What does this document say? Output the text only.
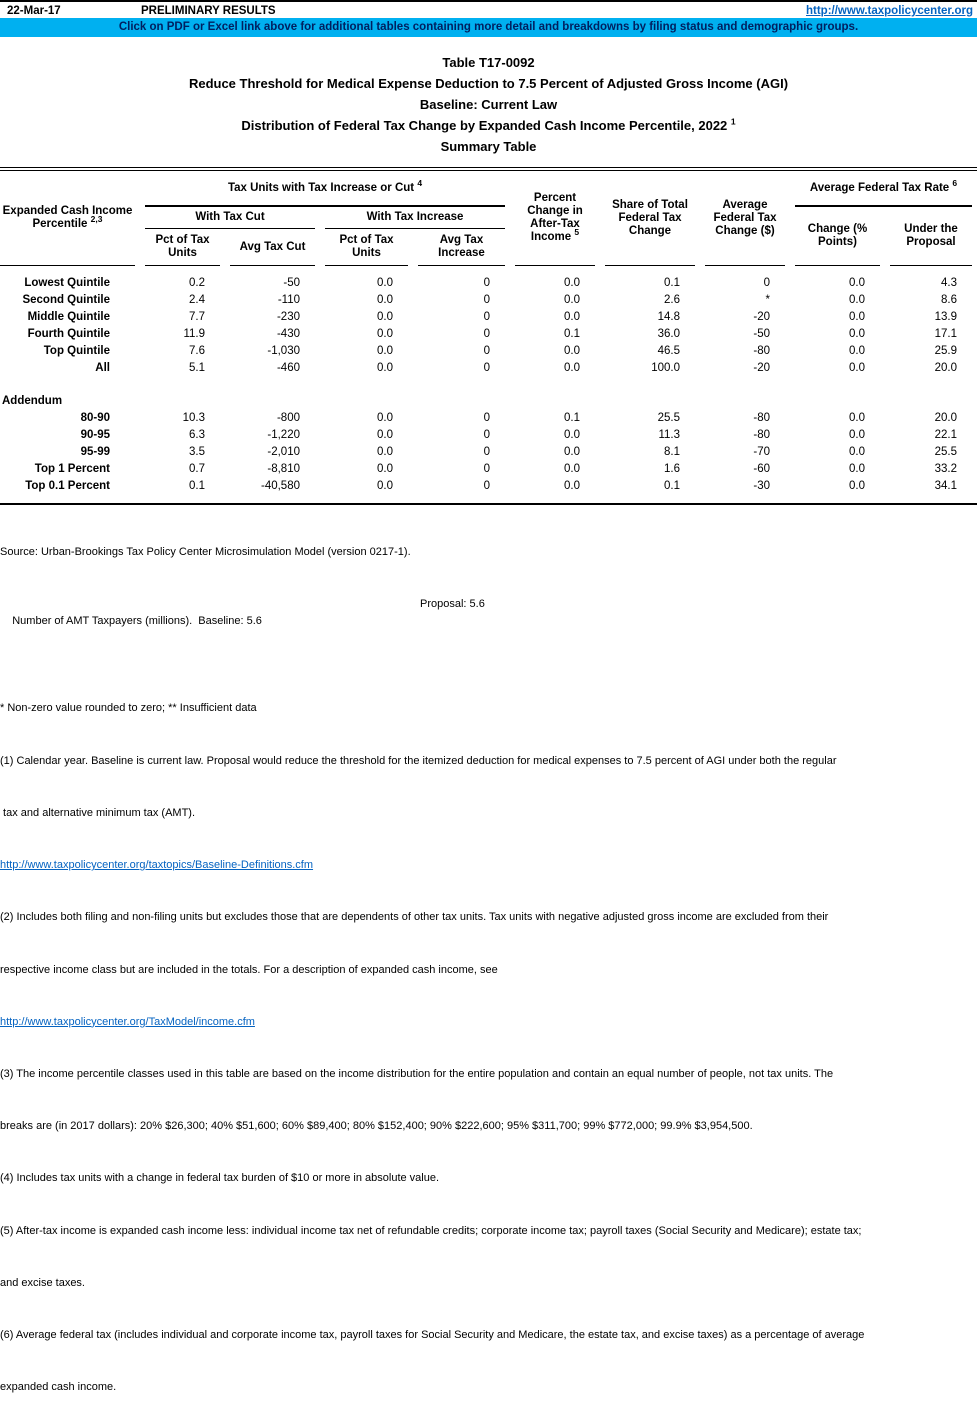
22-Mar-17	PRELIMINARY RESULTS	http://www.taxpolicycenter.org
Click on PDF or Excel link above for additional tables containing more detail and breakdowns by filing status and demographic groups.
Table T17-0092
Reduce Threshold for Medical Expense Deduction to 7.5 Percent of Adjusted Gross Income (AGI)
Baseline: Current Law
Distribution of Federal Tax Change by Expanded Cash Income Percentile, 2022 $^1$
Summary Table
Expanded Cash Income
Percentile $^{2,3}$
Tax Units with Tax Increase or Cut $^4$
Percent Change in After-Tax Income $^5$
Share of Total Federal Tax Change
Average Federal Tax Change ($)
Average Federal Tax Rate $^6$
With Tax Cut	With Tax Increase
Change (% Points)
Under the Proposal
Pct of Tax Units
Avg Tax Cut
Pct of Tax Units
Avg Tax Increase
Lowest Quintile	0.2	-50	0.0	0	0.0	0.1	0	0.0	4.3
Second Quintile	2.4	-110	0.0	0	0.0	2.6	*	0.0	8.6
Middle Quintile	7.7	-230	0.0	0	0.0	14.8	-20	0.0	13.9
Fourth Quintile	11.9	-430	0.0	0	0.1	36.0	-50	0.0	17.1
Top Quintile	7.6	-1,030	0.0	0	0.0	46.5	-80	0.0	25.9
All	5.1	-460	0.0	0	0.0	100.0	-20	0.0	20.0
Addendum
80-90	10.3	-800	0.0	0	0.1	25.5	-80	0.0	20.0
90-95	6.3	-1,220	0.0	0	0.0	11.3	-80	0.0	22.1
95-99	3.5	-2,010	0.0	0	0.0	8.1	-70	0.0	25.5
Top 1 Percent	0.7	-8,810	0.0	0	0.0	1.6	-60	0.0	33.2
Top 0.1 Percent	0.1	-40,580	0.0	0	0.0	0.1	-30	0.0	34.1

Source: Urban-Brookings Tax Policy Center Microsimulation Model (version 0217-1).

Number of AMT Taxpayers (millions).  Baseline: 5.6

Proposal: 5.6

* Non-zero value rounded to zero; ** Insufficient data

(1) Calendar year. Baseline is current law. Proposal would reduce the threshold for the itemized deduction for medical expenses to 7.5 percent of AGI under both the regular

tax and alternative minimum tax (AMT).

http://www.taxpolicycenter.org/taxtopics/Baseline-Definitions.cfm

(2) Includes both filing and non-filing units but excludes those that are dependents of other tax units. Tax units with negative adjusted gross income are excluded from their

respective income class but are included in the totals. For a description of expanded cash income, see

http://www.taxpolicycenter.org/TaxModel/income.cfm

(3) The income percentile classes used in this table are based on the income distribution for the entire population and contain an equal number of people, not tax units. The

breaks are (in 2017 dollars): 20% $26,300; 40% $51,600; 60% $89,400; 80% $152,400; 90% $222,600; 95% $311,700; 99% $772,000; 99.9% $3,954,500.

(4) Includes tax units with a change in federal tax burden of $10 or more in absolute value.

(5) After-tax income is expanded cash income less: individual income tax net of refundable credits; corporate income tax; payroll taxes (Social Security and Medicare); estate tax;

and excise taxes.

(6) Average federal tax (includes individual and corporate income tax, payroll taxes for Social Security and Medicare, the estate tax, and excise taxes) as a percentage of average

expanded cash income.
